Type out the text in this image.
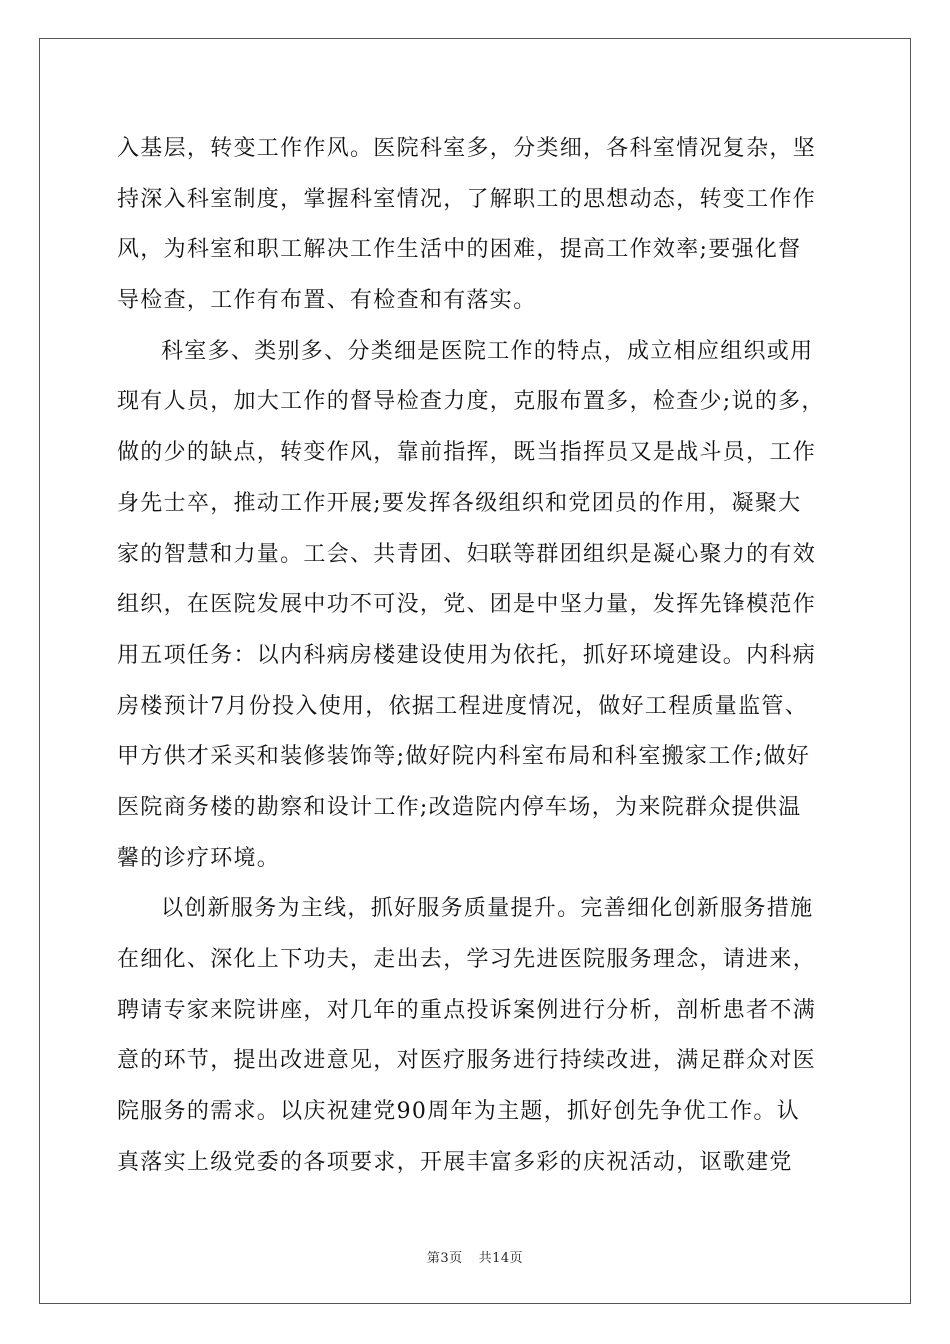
入基层，转变工作作风。医院科室多，分类细，各科室情况复杂，坚
持深入科室制度，掌握科室情况，了解职工的思想动态，转变工作作
风，为科室和职工解决工作生活中的困难，提高工作效率;要强化督
导检查，工作有布置、有检查和有落实。
科室多、类别多、分类细是医院工作的特点，成立相应组织或用
现有人员，加大工作的督导检查力度，克服布置多，检查少;说的多，
做的少的缺点，转变作风，靠前指挥，既当指挥员又是战斗员，工作
身先士卒，推动工作开展;要发挥各级组织和党团员的作用，凝聚大
家的智慧和力量。工会、共青团、妇联等群团组织是凝心聚力的有效
组织，在医院发展中功不可没，党、团是中坚力量，发挥先锋模范作
用五项任务：以内科病房楼建设使用为依托，抓好环境建设。内科病
房楼预计7月份投入使用，依据工程进度情况，做好工程质量监管、
甲方供才采买和装修装饰等;做好院内科室布局和科室搬家工作;做好
医院商务楼的勘察和设计工作;改造院内停车场，为来院群众提供温
馨的诊疗环境。
以创新服务为主线，抓好服务质量提升。完善细化创新服务措施
在细化、深化上下功夫，走出去，学习先进医院服务理念，请进来，
聘请专家来院讲座，对几年的重点投诉案例进行分析，剖析患者不满
意的环节，提出改进意见，对医疗服务进行持续改进，满足群众对医
院服务的需求。以庆祝建党90周年为主题，抓好创先争优工作。认
真落实上级党委的各项要求，开展丰富多彩的庆祝活动，讴歌建党
第3页 共14页
